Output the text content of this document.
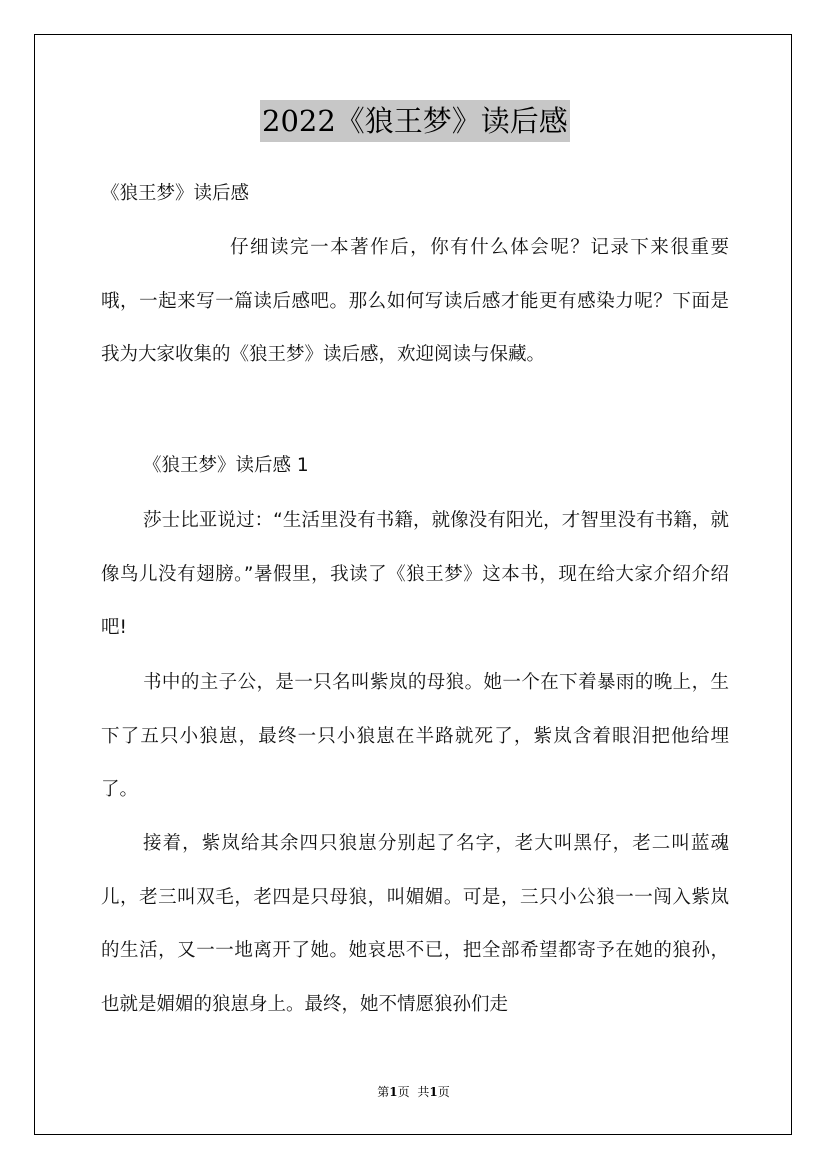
2022《狼王梦》读后感
《狼王梦》读后感
仔细读完一本著作后，你有什么体会呢？记录下来很重要哦，一起来写一篇读后感吧。那么如何写读后感才能更有感染力呢？下面是我为大家收集的《狼王梦》读后感，欢迎阅读与保藏。
《狼王梦》读后感 1
莎士比亚说过：“生活里没有书籍，就像没有阳光，才智里没有书籍，就像鸟儿没有翅膀。”暑假里，我读了《狼王梦》这本书，现在给大家介绍介绍吧!
书中的主子公，是一只名叫紫岚的母狼。她一个在下着暴雨的晚上，生下了五只小狼崽，最终一只小狼崽在半路就死了，紫岚含着眼泪把他给埋了。
接着，紫岚给其余四只狼崽分别起了名字，老大叫黑仔，老二叫蓝魂儿，老三叫双毛，老四是只母狼，叫媚媚。可是，三只小公狼一一闯入紫岚的生活，又一一地离开了她。她哀思不已，把全部希望都寄予在她的狼孙，也就是媚媚的狼崽身上。最终，她不情愿狼孙们走
第1页 共1页
